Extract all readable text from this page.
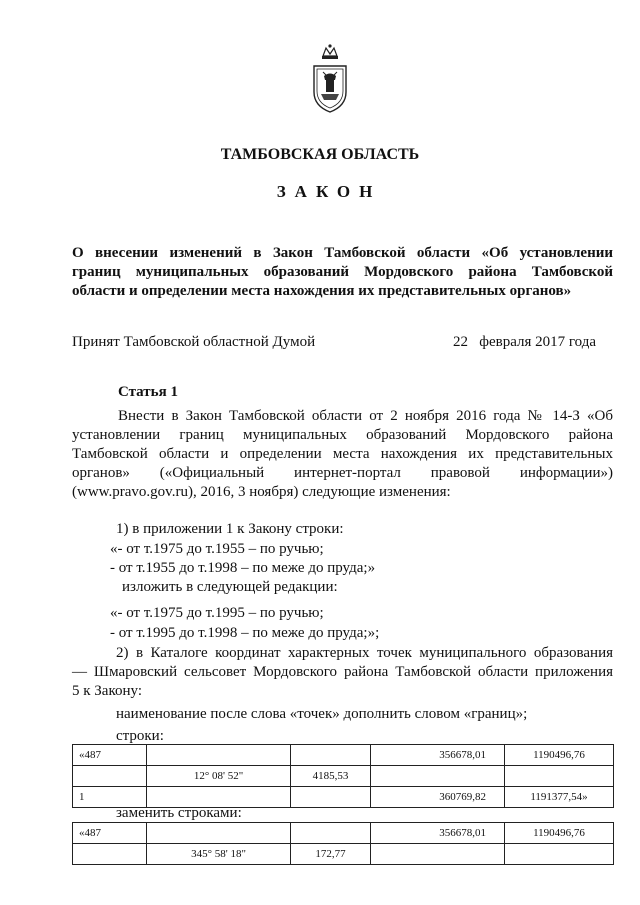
ТАМБОВСКАЯ ОБЛАСТЬ
ЗАКОН
О внесении изменений в Закон Тамбовской области «Об установлении
границ муниципальных образований Мордовского района Тамбовской
области и определении места нахождения их представительных органов»
Принят Тамбовской областной Думой	22 февраля 2017 года
Статья 1
Внести в Закон Тамбовской области от 2 ноября 2016 года № 14-З «Об
установлении границ муниципальных образований Мордовского района
Тамбовской области и определении места нахождения их представительных
органов» («Официальный интернет-портал правовой информации»)
(www.pravo.gov.ru), 2016, 3 ноября) следующие изменения:
1) в приложении 1 к Закону строки:
«- от т.1975 до т.1955 – по ручью;
- от т.1955 до т.1998 – по меже до пруда;»
изложить в следующей редакции:
«- от т.1975 до т.1995 – по ручью;
- от т.1995 до т.1998 – по меже до пруда;»;
2) в Каталоге координат характерных точек муниципального образования
— Шмаровский сельсовет Мордовского района Тамбовской области приложения
5 к Закону:
наименование после слова «точек» дополнить словом «границ»;
строки:
«487			356678,01	1190496,76
	12° 08' 52"	4185,53		
1			360769,82	1191377,54»
заменить строками:
«487			356678,01	1190496,76
	345° 58' 18"	172,77		
